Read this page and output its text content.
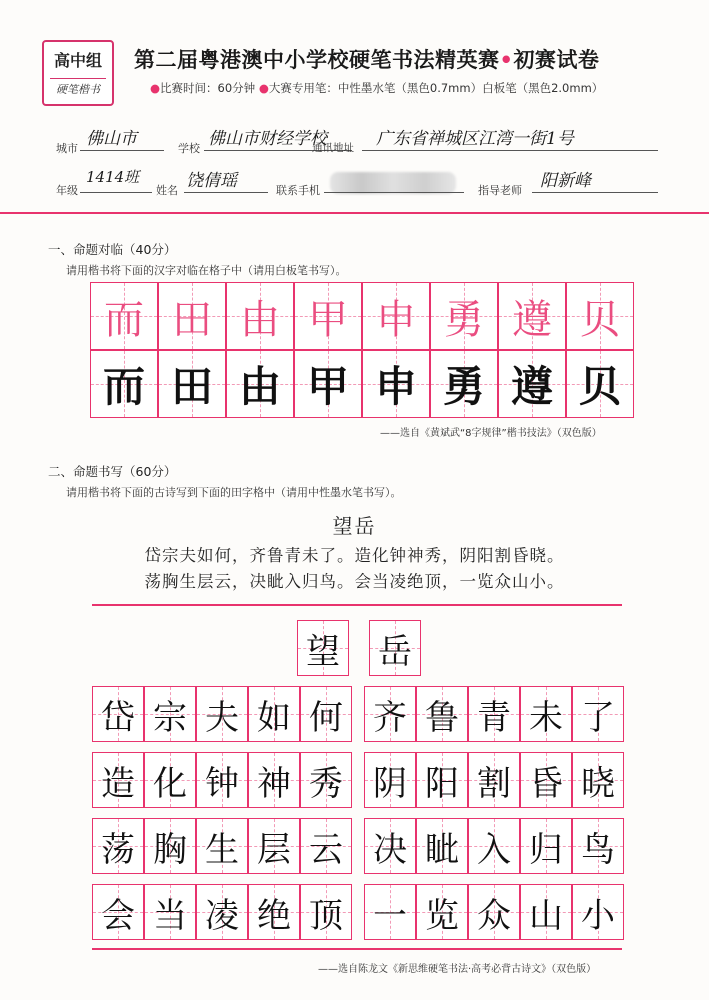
高中组
硬笔楷书
第二届粤港澳中小学校硬笔书法精英赛•初赛试卷
●比赛时间：60分钟 ●大赛专用笔：中性墨水笔（黑色0.7mm）白板笔（黑色2.0mm）
城市 佛山市	学校 佛山市财经学校
通讯地址 广东省禅城区江湾一街1号
年级
1414班
姓名 饶倩瑶	联系手机	指导老师 阳新峰
一、命题对临（40分）
请用楷书将下面的汉字对临在格子中（请用白板笔书写）。
而 田 由 甲 申 勇 遵 贝
而 田 由 甲 申 勇 遵 贝
——选自《黄斌武“8字规律”楷书技法》（双色版）
二、命题书写（60分）
请用楷书将下面的古诗写到下面的田字格中（请用中性墨水笔书写）。
望岳
岱宗夫如何，齐鲁青未了。造化钟神秀，阴阳割昏晓。
荡胸生层云，决眦入归鸟。会当凌绝顶，一览众山小。
望 岳
岱 宗 夫 如 何 齐 鲁 青 未 了
造 化 钟 神 秀 阴 阳 割 昏 晓
荡 胸 生 层 云 决 眦 入 归 鸟
会 当 凌 绝 顶 一 览 众 山 小
——选自陈龙文《新思维硬笔书法·高考必背古诗文》（双色版）
